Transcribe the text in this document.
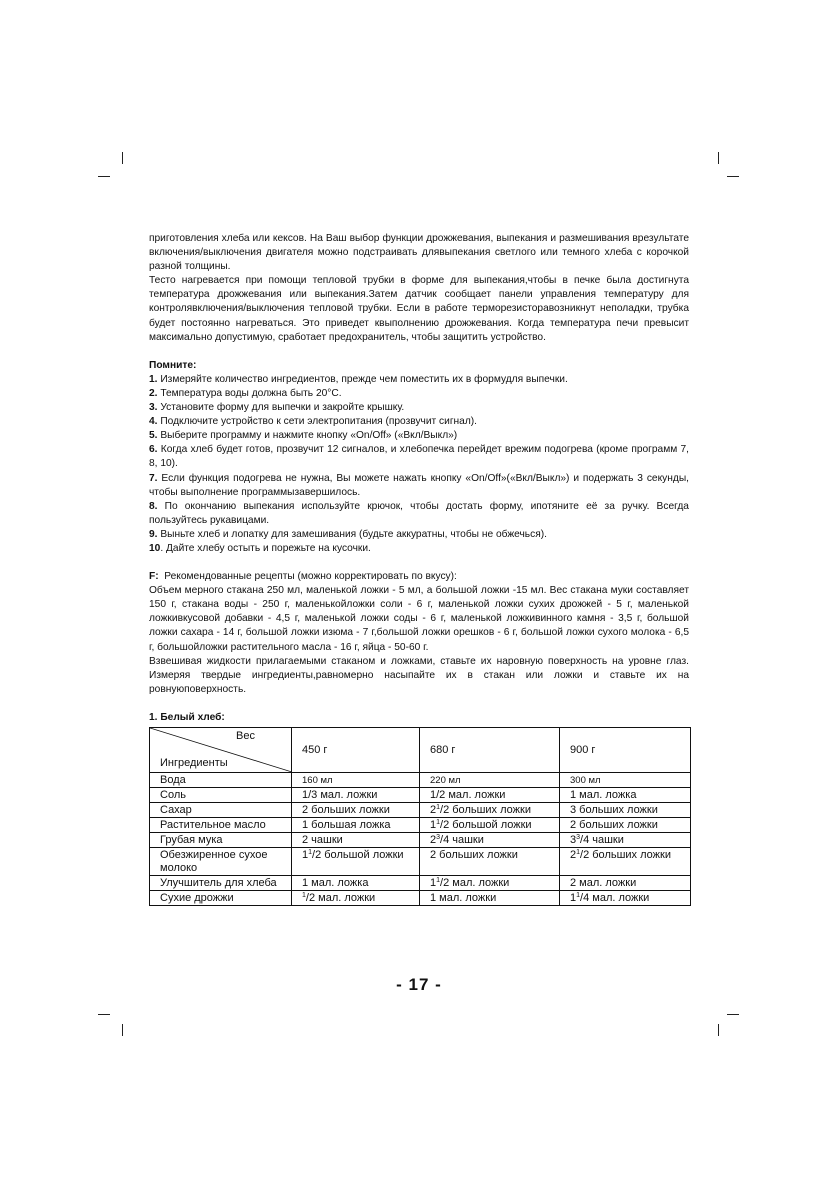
приготовления хлеба или кексов. На Ваш выбор функции дрожжевания, выпекания и размешивания врезультате включения/выключения двигателя можно подстраивать длявыпекания светлого или темного хлеба с корочкой разной толщины.

Тесто нагревается при помощи тепловой трубки в форме для выпекания,чтобы в печке была достигнута температура дрожжевания или выпекания.Затем датчик сообщает панели управления температуру для контролявключения/выключения тепловой трубки. Если в работе терморезисторавозникнут неполадки, трубка будет постоянно нагреваться. Это приведет квыполнению дрожжевания. Когда температура печи превысит максимально допустимую, сработает предохранитель, чтобы защитить устройство.

Помните:

1. Измеряйте количество ингредиентов, прежде чем поместить их в формудля выпечки.

2. Температура воды должна быть 20°С.

3. Установите форму для выпечки и закройте крышку.

4. Подключите устройство к сети электропитания (прозвучит сигнал).

5. Выберите программу и нажмите кнопку «On/Off» («Вкл/Выкл»)

6. Когда хлеб будет готов, прозвучит 12 сигналов, и хлебопечка перейдет врежим подогрева (кроме программ 7, 8, 10).

7. Если функция подогрева не нужна, Вы можете нажать кнопку «On/Off»(«Вкл/Выкл») и подержать 3 секунды, чтобы выполнение программызавершилось.

8. По окончанию выпекания используйте крючок, чтобы достать форму, ипотяните её за ручку. Всегда пользуйтесь рукавицами.

9. Выньте хлеб и лопатку для замешивания (будьте аккуратны, чтобы не обжечься).

10. Дайте хлебу остыть и порежьте на кусочки.

F: Рекомендованные рецепты (можно корректировать по вкусу):

Объем мерного стакана 250 мл, маленькой ложки - 5 мл, а большой ложки -15 мл. Вес стакана муки составляет 150 г, стакана воды - 250 г, маленькойложки соли - 6 г, маленькой ложки сухих дрожжей - 5 г, маленькой ложкивкусовой добавки - 4,5 г, маленькой ложки соды - 6 г, маленькой ложкивинного камня - 3,5 г, большой ложки сахара - 14 г, большой ложки изюма - 7 г,большой ложки орешков - 6 г, большой ложки сухого молока - 6,5 г, большойложки растительного масла - 16 г, яйца - 50-60 г.

Взвешивая жидкости прилагаемыми стаканом и ложками, ставьте их наровную поверхность на уровне глаз. Измеряя твердые ингредиенты,равномерно насыпайте их в стакан или ложки и ставьте их на ровнуюповерхность.

1. Белый хлеб:
Вес
Ингредиенты	450 г	680 г	900 г
Вода	160 мл	220 мл	300 мл
Соль	1/3 мал. ложки	1/2 мал. ложки	1 мал. ложка
Сахар	2 больших ложки	$2^1/2$ больших ложки	3 больших ложки
Растительное масло	1 большая ложка	$1^1/2$ большой ложки	2 больших ложки
Грубая мука	2 чашки	$2^3/4$ чашки	$3^3/4$ чашки
Обезжиренное сухое молоко	$1^1/2$ большой ложки	2 больших ложки	$2^1/2$ больших ложки
Улучшитель для хлеба	1 мал. ложка	$1^1/2$ мал. ложки	2 мал. ложки
Сухие дрожжи	$^1$/2 мал. ложки	1 мал. ложки	$1^1/4$ мал. ложки
- 17 -
